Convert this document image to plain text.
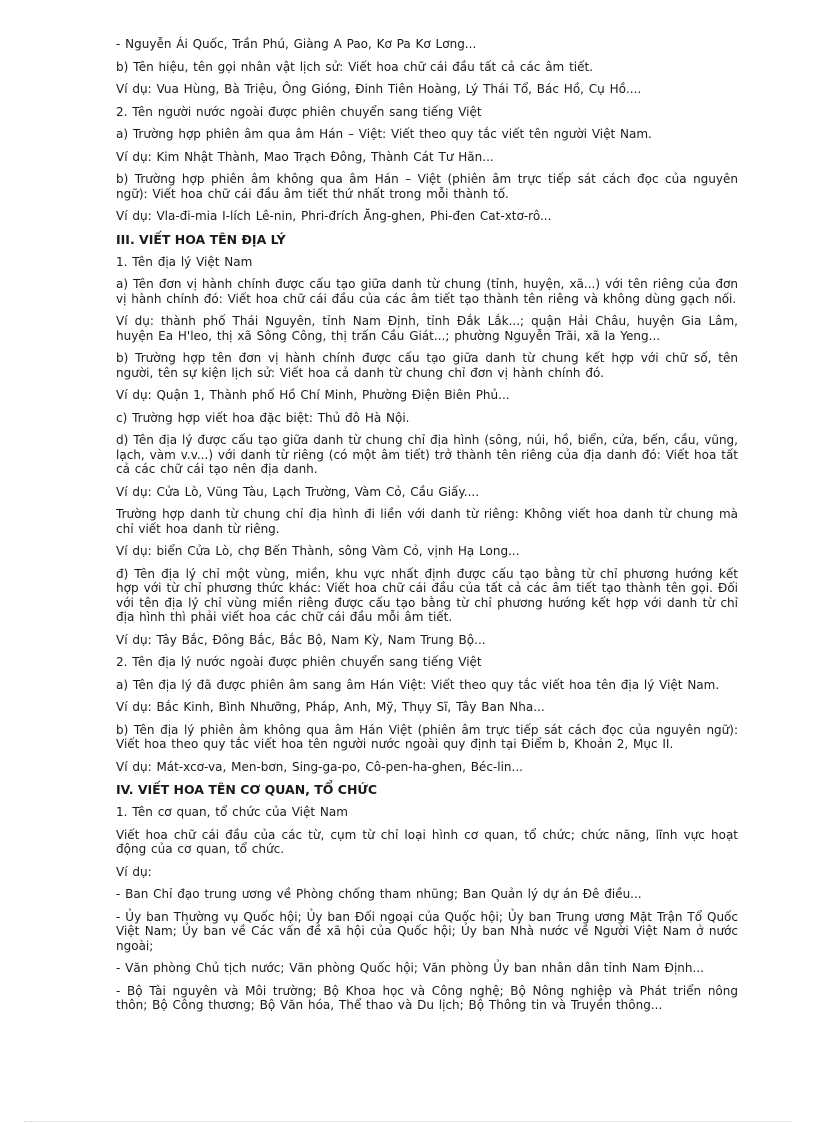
- Nguyễn Ái Quốc, Trần Phú, Giàng A Pao, Kơ Pa Kơ Lơng...

b) Tên hiệu, tên gọi nhân vật lịch sử: Viết hoa chữ cái đầu tất cả các âm tiết.

Ví dụ: Vua Hùng, Bà Triệu, Ông Gióng, Đinh Tiên Hoàng, Lý Thái Tổ, Bác Hồ, Cụ Hồ....

2. Tên người nước ngoài được phiên chuyển sang tiếng Việt

a) Trường hợp phiên âm qua âm Hán – Việt: Viết theo quy tắc viết tên người Việt Nam.

Ví dụ: Kim Nhật Thành, Mao Trạch Đông, Thành Cát Tư Hãn...

b) Trường hợp phiên âm không qua âm Hán – Việt (phiên âm trực tiếp sát cách đọc của nguyên ngữ): Viết hoa chữ cái đầu âm tiết thứ nhất trong mỗi thành tố.

Ví dụ: Vla-đi-mia I-lích Lê-nin, Phri-đrích Ăng-ghen, Phi-đen Cat-xtơ-rô...

III. VIẾT HOA TÊN ĐỊA LÝ

1. Tên địa lý Việt Nam

a) Tên đơn vị hành chính được cấu tạo giữa danh từ chung (tỉnh, huyện, xã...) với tên riêng của đơn vị hành chính đó: Viết hoa chữ cái đầu của các âm tiết tạo thành tên riêng và không dùng gạch nối.

Ví dụ: thành phố Thái Nguyên, tỉnh Nam Định, tỉnh Đắk Lắk...; quận Hải Châu, huyện Gia Lâm, huyện Ea H'leo, thị xã Sông Công, thị trấn Cầu Giát...; phường Nguyễn Trãi, xã Ia Yeng...

b) Trường hợp tên đơn vị hành chính được cấu tạo giữa danh từ chung kết hợp với chữ số, tên người, tên sự kiện lịch sử: Viết hoa cả danh từ chung chỉ đơn vị hành chính đó.

Ví dụ: Quận 1, Thành phố Hồ Chí Minh, Phường Điện Biên Phủ...

c) Trường hợp viết hoa đặc biệt: Thủ đô Hà Nội.

d) Tên địa lý được cấu tạo giữa danh từ chung chỉ địa hình (sông, núi, hồ, biển, cửa, bến, cầu, vũng, lạch, vàm v.v...) với danh từ riêng (có một âm tiết) trở thành tên riêng của địa danh đó: Viết hoa tất cả các chữ cái tạo nên địa danh.

Ví dụ: Cửa Lò, Vũng Tàu, Lạch Trường, Vàm Cỏ, Cầu Giấy....

Trường hợp danh từ chung chỉ địa hình đi liền với danh từ riêng: Không viết hoa danh từ chung mà chỉ viết hoa danh từ riêng.

Ví dụ: biển Cửa Lò, chợ Bến Thành, sông Vàm Cỏ, vịnh Hạ Long...

đ) Tên địa lý chỉ một vùng, miền, khu vực nhất định được cấu tạo bằng từ chỉ phương hướng kết hợp với từ chỉ phương thức khác: Viết hoa chữ cái đầu của tất cả các âm tiết tạo thành tên gọi. Đối với tên địa lý chỉ vùng miền riêng được cấu tạo bằng từ chỉ phương hướng kết hợp với danh từ chỉ địa hình thì phải viết hoa các chữ cái đầu mỗi âm tiết.

Ví dụ: Tây Bắc, Đông Bắc, Bắc Bộ, Nam Kỳ, Nam Trung Bộ...

2. Tên địa lý nước ngoài được phiên chuyển sang tiếng Việt

a) Tên địa lý đã được phiên âm sang âm Hán Việt: Viết theo quy tắc viết hoa tên địa lý Việt Nam.

Ví dụ: Bắc Kinh, Bình Nhưỡng, Pháp, Anh, Mỹ, Thụy Sĩ, Tây Ban Nha...

b) Tên địa lý phiên âm không qua âm Hán Việt (phiên âm trực tiếp sát cách đọc của nguyên ngữ): Viết hoa theo quy tắc viết hoa tên người nước ngoài quy định tại Điểm b, Khoản 2, Mục II.

Ví dụ: Mát-xcơ-va, Men-bơn, Sing-ga-po, Cô-pen-ha-ghen, Béc-lin...

IV. VIẾT HOA TÊN CƠ QUAN, TỔ CHỨC

1. Tên cơ quan, tổ chức của Việt Nam

Viết hoa chữ cái đầu của các từ, cụm từ chỉ loại hình cơ quan, tổ chức; chức năng, lĩnh vực hoạt động của cơ quan, tổ chức.

Ví dụ:

- Ban Chỉ đạo trung ương về Phòng chống tham nhũng; Ban Quản lý dự án Đê điều...

- Ủy ban Thường vụ Quốc hội; Ủy ban Đối ngoại của Quốc hội; Ủy ban Trung ương Mặt Trận Tổ Quốc Việt Nam; Ủy ban về Các vấn đề xã hội của Quốc hội; Ủy ban Nhà nước về Người Việt Nam ở nước ngoài;

- Văn phòng Chủ tịch nước; Văn phòng Quốc hội; Văn phòng Ủy ban nhân dân tỉnh Nam Định...

- Bộ Tài nguyên và Môi trường; Bộ Khoa học và Công nghệ; Bộ Nông nghiệp và Phát triển nông thôn; Bộ Công thương; Bộ Văn hóa, Thể thao và Du lịch; Bộ Thông tin và Truyền thông...
